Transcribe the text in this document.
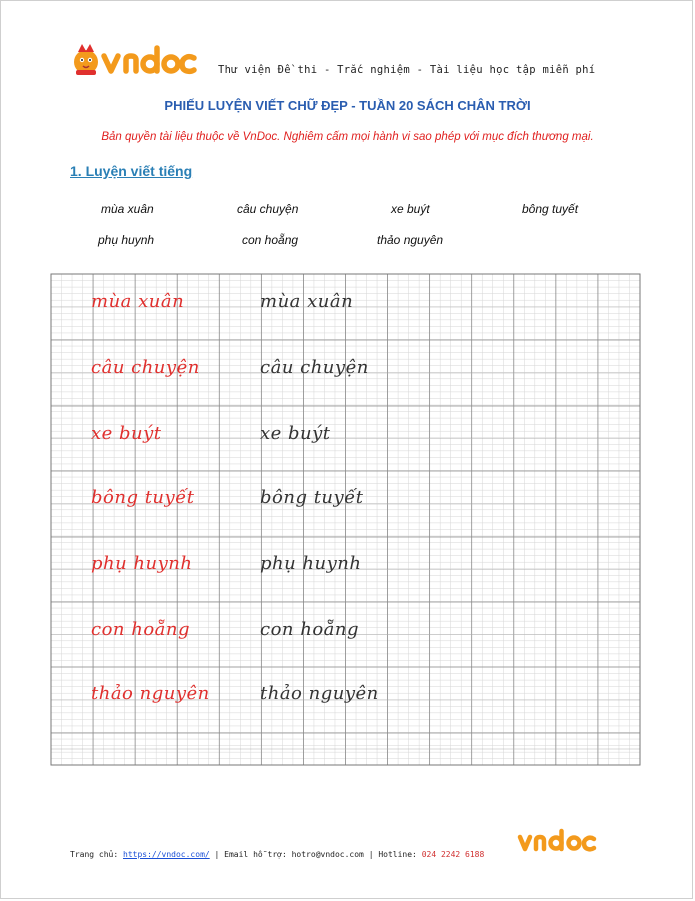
Thư viện Đề thi - Trắc nghiệm - Tài liệu học tập miễn phí
PHIẾU LUYỆN VIẾT CHỮ ĐẸP - TUẦN 20 SÁCH CHÂN TRỜI
Bản quyền tài liệu thuộc về VnDoc. Nghiêm cấm mọi hành vi sao phép với mục đích thương mại.
1. Luyện viết tiếng
mùa xuân	câu chuyện	xe buýt	bông tuyết
phụ huynh	con hoẵng	thảo nguyên
mùa xuân	mùa xuân
câu chuyện	câu chuyện
xe buýt	xe buýt
bông tuyết	bông tuyết
phụ huynh	phụ huynh
con hoẵng	con hoẵng
thảo nguyên	thảo nguyên
Trang chủ: https://vndoc.com/ | Email hỗ trợ: hotro@vndoc.com | Hotline: 024 2242 6188
